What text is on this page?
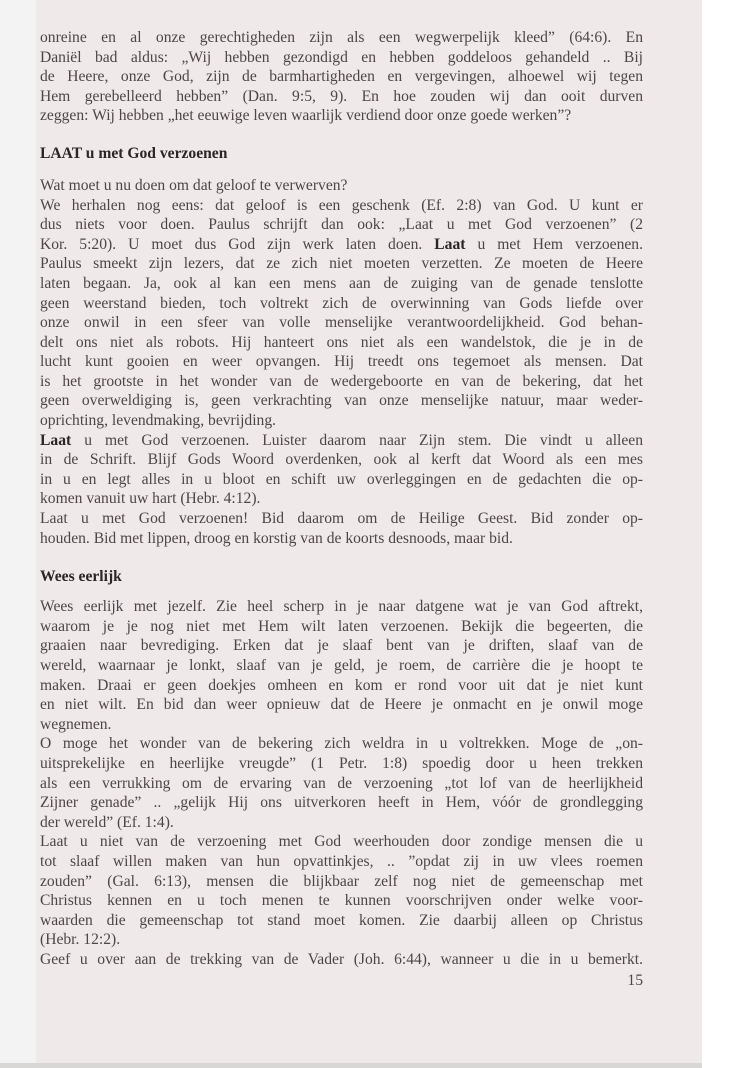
onreine en al onze gerechtigheden zijn als een wegwerpelijk kleed” (64:6). En
Daniël bad aldus: „Wij hebben gezondigd en hebben goddeloos gehandeld .. Bij
de Heere, onze God, zijn de barmhartigheden en vergevingen, alhoewel wij tegen
Hem gerebelleerd hebben” (Dan. 9:5, 9). En hoe zouden wij dan ooit durven
zeggen: Wij hebben „het eeuwige leven waarlijk verdiend door onze goede werken”?
LAAT u met God verzoenen
Wat moet u nu doen om dat geloof te verwerven?
We herhalen nog eens: dat geloof is een geschenk (Ef. 2:8) van God. U kunt er
dus niets voor doen. Paulus schrijft dan ook: „Laat u met God verzoenen” (2
Kor. 5:20). U moet dus God zijn werk laten doen. Laat u met Hem verzoenen.
Paulus smeekt zijn lezers, dat ze zich niet moeten verzetten. Ze moeten de Heere
laten begaan. Ja, ook al kan een mens aan de zuiging van de genade tenslotte
geen weerstand bieden, toch voltrekt zich de overwinning van Gods liefde over
onze onwil in een sfeer van volle menselijke verantwoordelijkheid. God behan-
delt ons niet als robots. Hij hanteert ons niet als een wandelstok, die je in de
lucht kunt gooien en weer opvangen. Hij treedt ons tegemoet als mensen. Dat
is het grootste in het wonder van de wedergeboorte en van de bekering, dat het
geen overweldiging is, geen verkrachting van onze menselijke natuur, maar weder-
oprichting, levendmaking, bevrijding.
Laat u met God verzoenen. Luister daarom naar Zijn stem. Die vindt u alleen
in de Schrift. Blijf Gods Woord overdenken, ook al kerft dat Woord als een mes
in u en legt alles in u bloot en schift uw overleggingen en de gedachten die op-
komen vanuit uw hart (Hebr. 4:12).
Laat u met God verzoenen! Bid daarom om de Heilige Geest. Bid zonder op-
houden. Bid met lippen, droog en korstig van de koorts desnoods, maar bid.
Wees eerlijk
Wees eerlijk met jezelf. Zie heel scherp in je naar datgene wat je van God aftrekt,
waarom je je nog niet met Hem wilt laten verzoenen. Bekijk die begeerten, die
graaien naar bevrediging. Erken dat je slaaf bent van je driften, slaaf van de
wereld, waarnaar je lonkt, slaaf van je geld, je roem, de carrière die je hoopt te
maken. Draai er geen doekjes omheen en kom er rond voor uit dat je niet kunt
en niet wilt. En bid dan weer opnieuw dat de Heere je onmacht en je onwil moge
wegnemen.
O moge het wonder van de bekering zich weldra in u voltrekken. Moge de „on-
uitsprekelijke en heerlijke vreugde” (1 Petr. 1:8) spoedig door u heen trekken
als een verrukking om de ervaring van de verzoening „tot lof van de heerlijkheid
Zijner genade” .. „gelijk Hij ons uitverkoren heeft in Hem, vóór de grondlegging
der wereld” (Ef. 1:4).
Laat u niet van de verzoening met God weerhouden door zondige mensen die u
tot slaaf willen maken van hun opvattinkjes, .. ”opdat zij in uw vlees roemen
zouden” (Gal. 6:13), mensen die blijkbaar zelf nog niet de gemeenschap met
Christus kennen en u toch menen te kunnen voorschrijven onder welke voor-
waarden die gemeenschap tot stand moet komen. Zie daarbij alleen op Christus
(Hebr. 12:2).
Geef u over aan de trekking van de Vader (Joh. 6:44), wanneer u die in u bemerkt.
15
